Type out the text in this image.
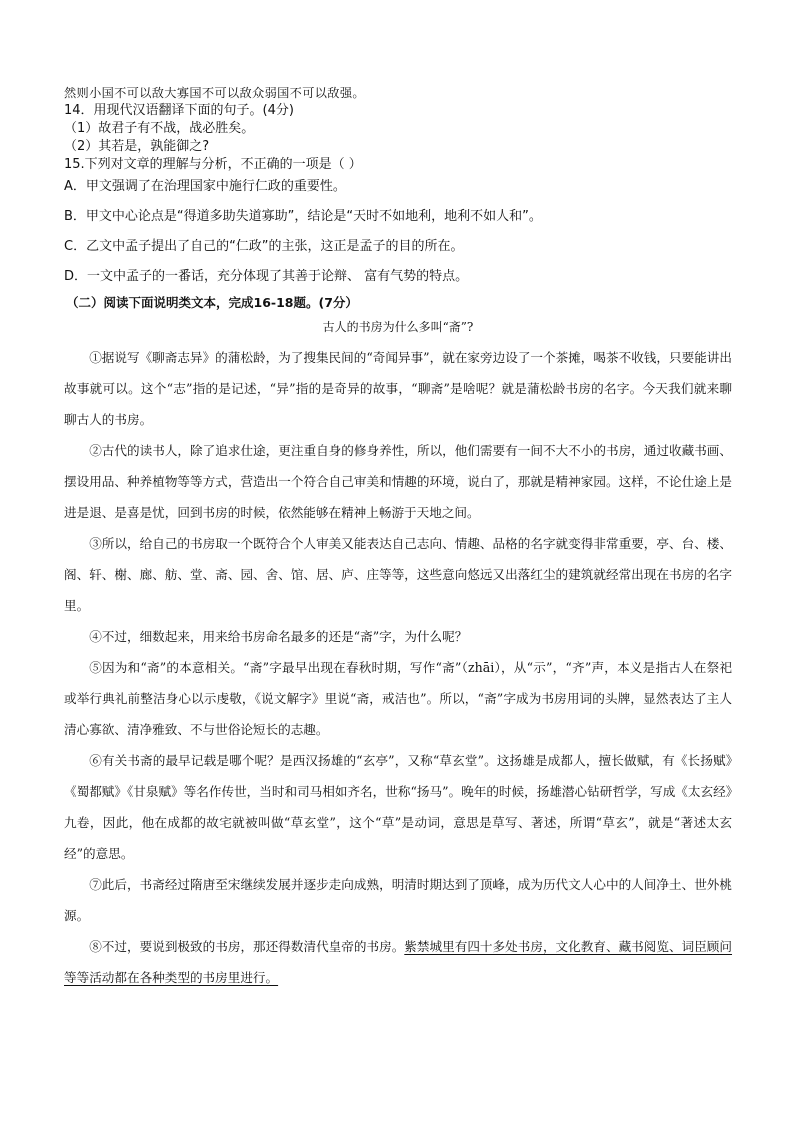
然则小国不可以敌大寡国不可以敌众弱国不可以敌强。
14．用现代汉语翻译下面的句子。(4分)
（1）故君子有不战，战必胜矣。
（2）其若是，孰能御之?
15.下列对文章的理解与分析，不正确的一项是（ ）
A．甲文强调了在治理国家中施行仁政的重要性。
B．甲文中心论点是“得道多助失道寡助”，结论是“天时不如地利，地利不如人和”。
C．乙文中孟子提出了自己的“仁政”的主张，这正是孟子的目的所在。
D．一文中孟子的一番话，充分体现了其善于论辩、 富有气势的特点。
（二）阅读下面说明类文本，完成16-18题。(7分）
古人的书房为什么多叫“斋”?

①据说写《聊斋志异》的蒲松龄，为了搜集民间的“奇闻异事”，就在家旁边设了一个茶摊，喝茶不收钱，只要能讲出故事就可以。这个“志”指的是记述，“异”指的是奇异的故事，“聊斋”是啥呢？就是蒲松龄书房的名字。今天我们就来聊聊古人的书房。

②古代的读书人，除了追求仕途，更注重自身的修身养性，所以，他们需要有一间不大不小的书房，通过收藏书画、摆设用品、种养植物等等方式，营造出一个符合自己审美和情趣的环境，说白了，那就是精神家园。这样，不论仕途上是进是退、是喜是忧，回到书房的时候，依然能够在精神上畅游于天地之间。

③所以，给自己的书房取一个既符合个人审美又能表达自己志向、情趣、品格的名字就变得非常重要，亭、台、楼、阁、轩、榭、廊、舫、堂、斋、园、舍、馆、居、庐、庄等等，这些意向悠远又出落红尘的建筑就经常出现在书房的名字里。

④不过，细数起来，用来给书房命名最多的还是“斋”字，为什么呢？

⑤因为和“斋”的本意相关。“斋”字最早出现在春秋时期，写作“斋”（zhāi），从“示”，“齐”声，本义是指古人在祭祀或举行典礼前整洁身心以示虔敬，《说文解字》里说“斋，戒洁也”。所以，“斋”字成为书房用词的头牌，显然表达了主人清心寡欲、清净雅致、不与世俗论短长的志趣。

⑥有关书斋的最早记载是哪个呢？是西汉扬雄的“玄亭”，又称“草玄堂”。这扬雄是成都人，擅长做赋，有《长扬赋》《蜀都赋》《甘泉赋》等名作传世，当时和司马相如齐名，世称“扬马”。晚年的时候，扬雄潜心钻研哲学，写成《太玄经》九卷，因此，他在成都的故宅就被叫做“草玄堂”，这个“草”是动词，意思是草写、著述，所谓“草玄”，就是“著述太玄经”的意思。

⑦此后，书斋经过隋唐至宋继续发展并逐步走向成熟，明清时期达到了顶峰，成为历代文人心中的人间净土、世外桃源。

⑧不过，要说到极致的书房，那还得数清代皇帝的书房。紫禁城里有四十多处书房，文化教育、藏书阅览、词臣顾问等等活动都在各种类型的书房里进行。
